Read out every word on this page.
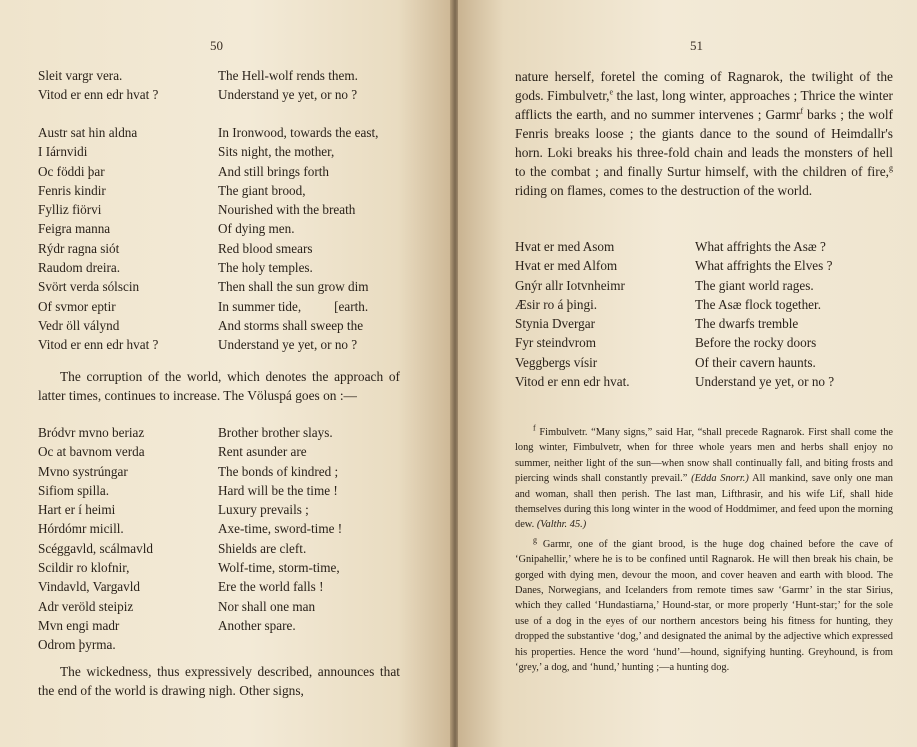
50
Sleit vargr vera.	The Hell-wolf rends them.
Vitod er enn edr hvat ?	Understand ye yet, or no ?
Austr sat hin aldna	In Ironwood, towards the east,
I Iárnvidi	Sits night, the mother,
Oc föddi þar	And still brings forth
Fenris kindir	The giant brood,
Fylliz fiörvi	Nourished with the breath
Feigra manna	Of dying men.
Rýdr ragna siót	Red blood smears
Raudom dreira.	The holy temples.
Svört verda sólscin	Then shall the sun grow dim
Of svmor eptir	In summer tide,          [earth.
Vedr öll válynd	And storms shall sweep the
Vitod er enn edr hvat ?	Understand ye yet, or no ?

The corruption of the world, which denotes the approach of latter times, continues to increase. The Völuspá goes on :—

Bródvr mvno beriaz	Brother brother slays.
Oc at bavnom verda	Rent asunder are
Mvno systrúngar	The bonds of kindred ;
Sifiom spilla.	Hard will be the time !
Hart er í heimi	Luxury prevails ;
Hórdómr micill.	Axe-time, sword-time !
Scéggavld, scálmavld	Shields are cleft.
Scildir ro klofnir,	Wolf-time, storm-time,
Vindavld, Vargavld	Ere the world falls !
Adr veröld steipiz	Nor shall one man
Mvn engi madr	Another spare.
Odrom þyrma.

The wickedness, thus expressively described, announces that the end of the world is drawing nigh. Other signs,

51

nature herself, foretel the coming of Ragnarok, the twilight of the gods. Fimbulvetr,$^e$ the last, long winter, approaches ; Thrice the winter afflicts the earth, and no summer intervenes ; Garmr$^f$ barks ; the wolf Fenris breaks loose ; the giants dance to the sound of Heimdallr's horn. Loki breaks his three-fold chain and leads the monsters of hell to the combat ; and finally Surtur himself, with the children of fire,$^g$ riding on flames, comes to the destruction of the world.

Hvat er med Asom	What affrights the Asæ ?
Hvat er med Alfom	What affrights the Elves ?
Gnýr allr Iotvnheimr	The giant world rages.
Æsir ro á þingi.	The Asæ flock together.
Stynia Dvergar	The dwarfs tremble
Fyr steindvrom	Before the rocky doors
Veggbergs vísir	Of their cavern haunts.
Vitod er enn edr hvat.	Understand ye yet, or no ?

$^f$ Fimbulvetr. “Many signs,” said Har, “shall precede Ragnarok. First shall come the long winter, Fimbulvetr, when for three whole years men and herbs shall enjoy no summer, neither light of the sun—when snow shall continually fall, and biting frosts and piercing winds shall constantly prevail.” (Edda Snorr.) All mankind, save only one man and woman, shall then perish. The last man, Lifthrasir, and his wife Lif, shall hide themselves during this long winter in the wood of Hoddmimer, and feed upon the morning dew. (Valthr. 45.)

$^g$ Garmr, one of the giant brood, is the huge dog chained before the cave of ‘Gnipahellir,’ where he is to be confined until Ragnarok. He will then break his chain, be gorged with dying men, devour the moon, and cover heaven and earth with blood. The Danes, Norwegians, and Icelanders from remote times saw ‘Garmr’ in the star Sirius, which they called ‘Hundastiarna,’ Hound-star, or more properly ‘Hunt-star;’ for the sole use of a dog in the eyes of our northern ancestors being his fitness for hunting, they dropped the substantive ‘dog,’ and designated the animal by the adjective which expressed his properties. Hence the word ‘hund’—hound, signifying hunting. Greyhound, is from ‘grey,’ a dog, and ‘hund,’ hunting ;—a hunting dog.
